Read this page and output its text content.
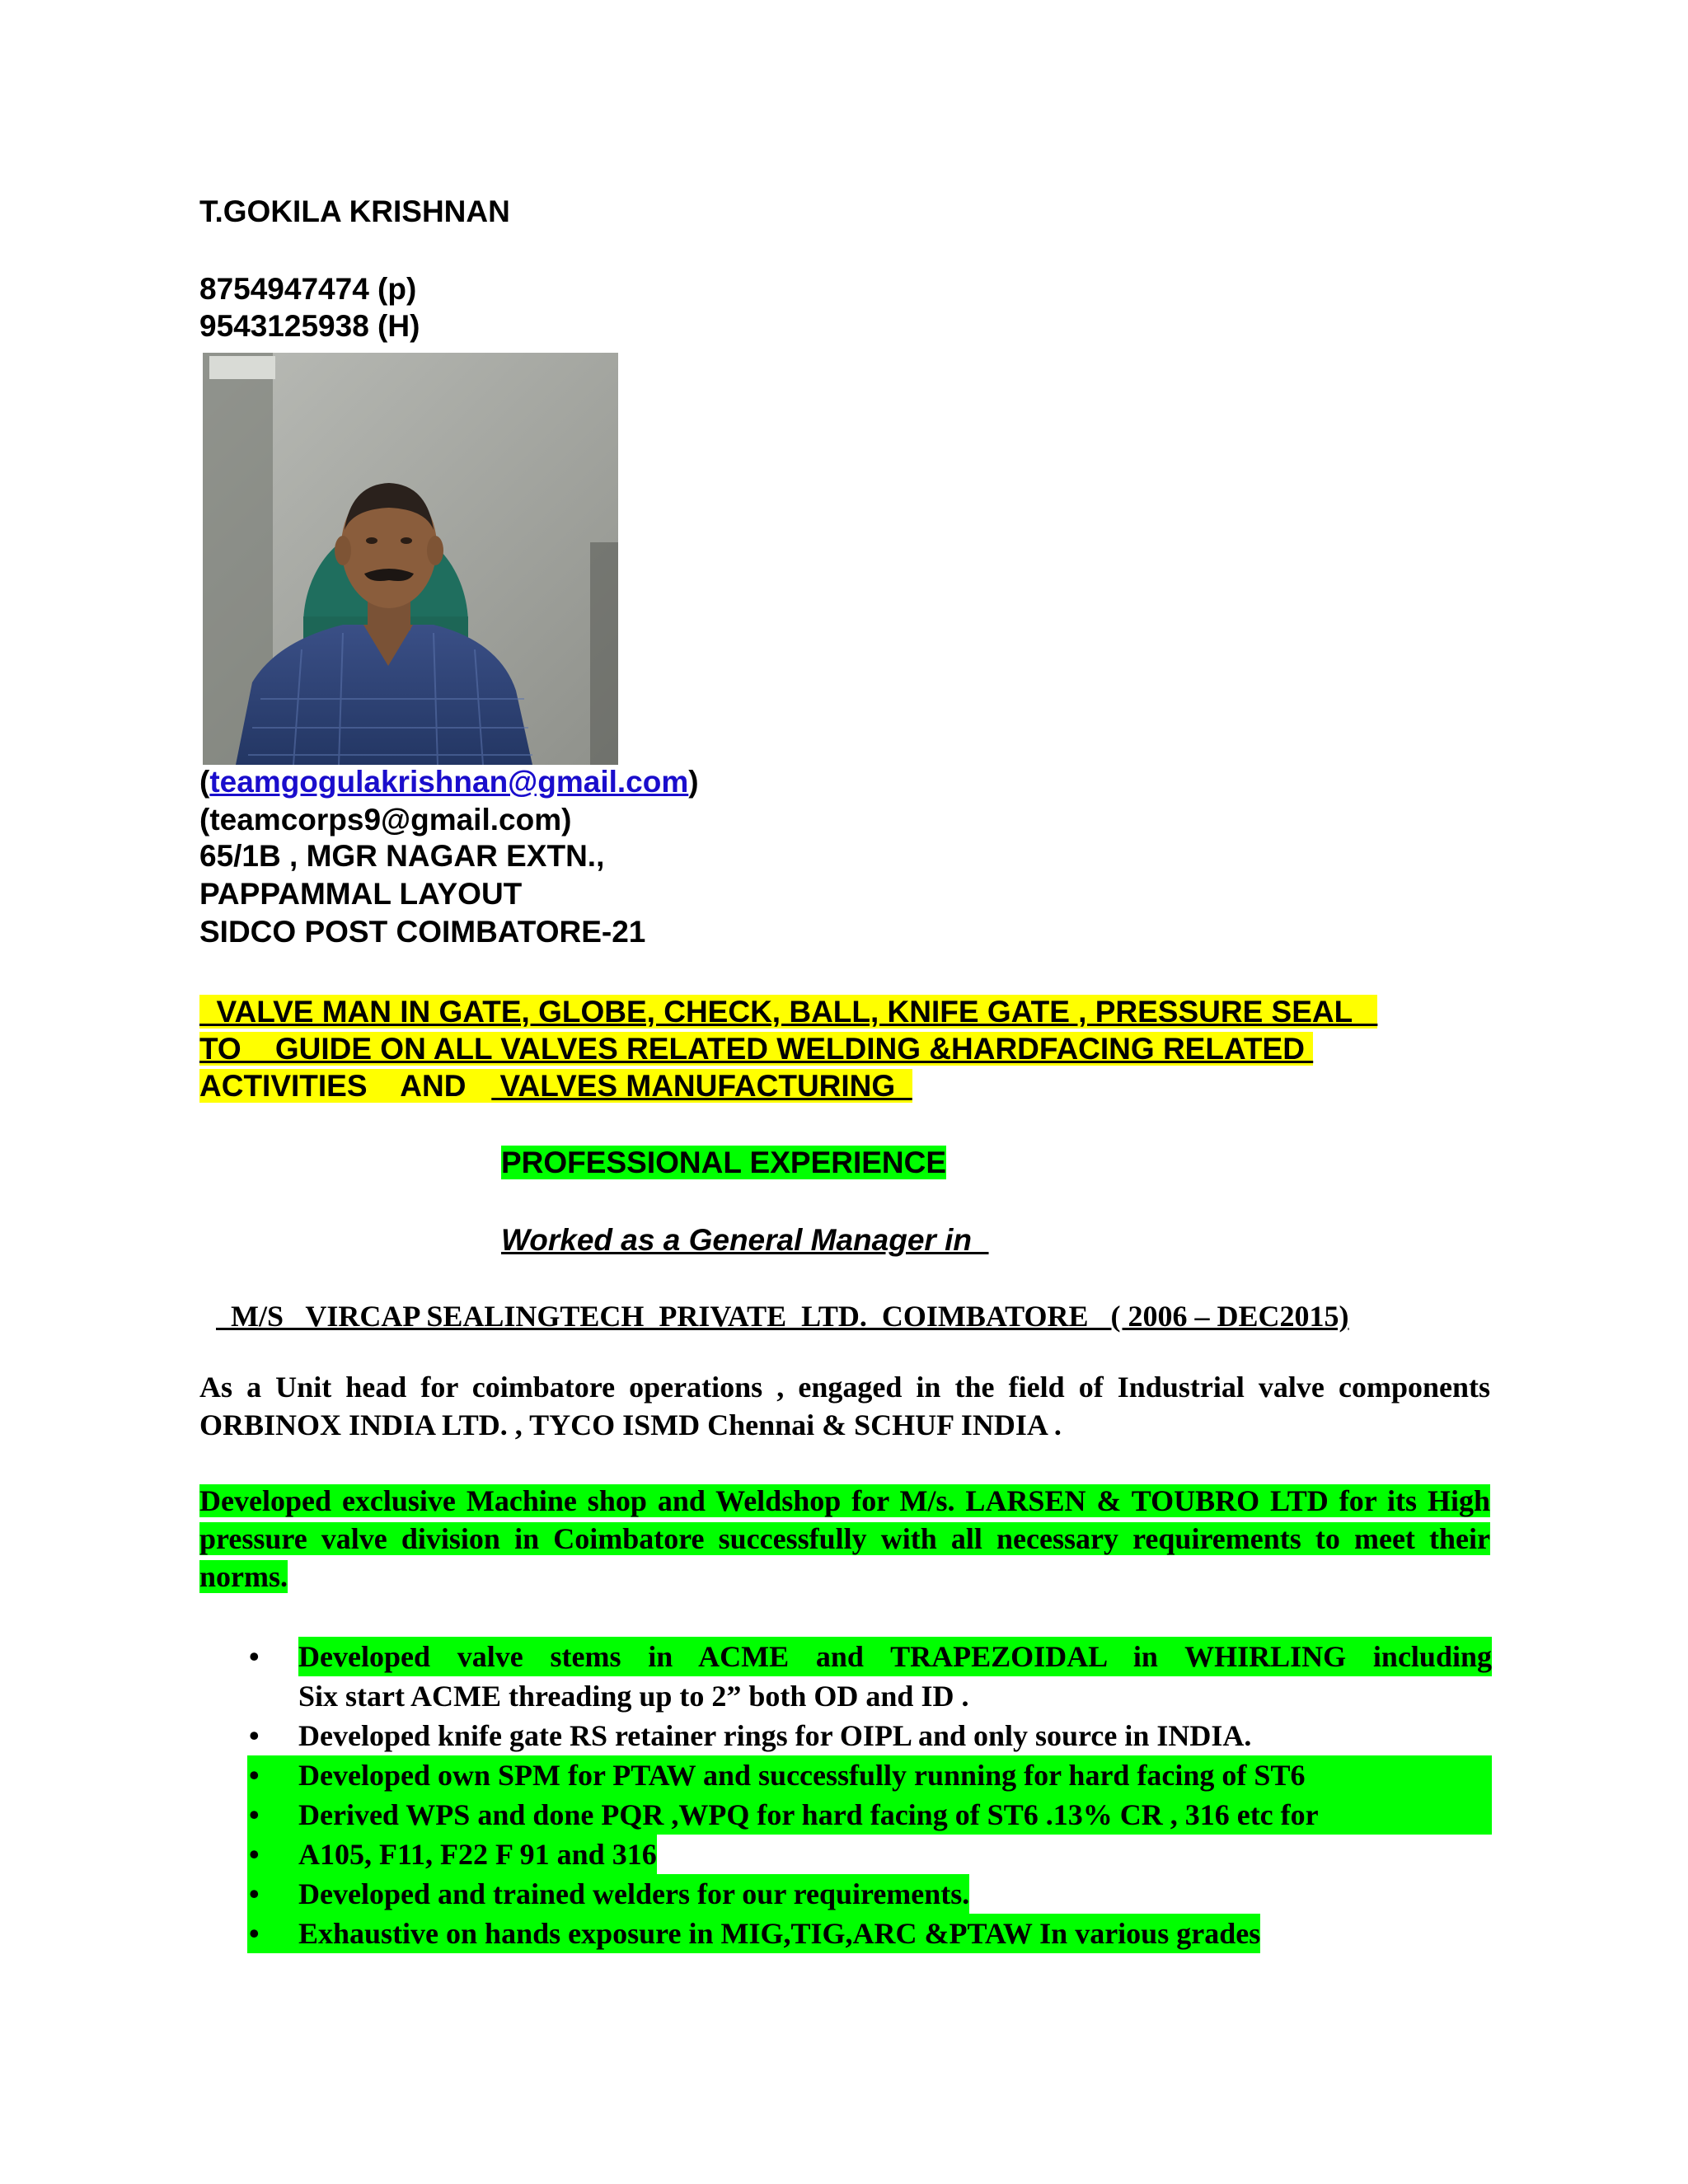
T.GOKILA KRISHNAN
8754947474 (p)
9543125938 (H)
(teamgogulakrishnan@gmail.com)
(teamcorps9@gmail.com)
65/1B , MGR NAGAR EXTN.,
PAPPAMMAL LAYOUT
SIDCO POST COIMBATORE-21
VALVE MAN IN GATE, GLOBE, CHECK, BALL, KNIFE GATE , PRESSURE SEAL
TO    GUIDE ON ALL VALVES RELATED WELDING &HARDFACING RELATED
ACTIVITIES    AND    VALVES MANUFACTURING
PROFESSIONAL EXPERIENCE
Worked as a General Manager in
M/S   VIRCAP SEALINGTECH  PRIVATE  LTD.  COIMBATORE   ( 2006 – DEC2015)
As a Unit head for coimbatore operations , engaged in the field of Industrial valve components ORBINOX INDIA LTD. , TYCO ISMD Chennai & SCHUF INDIA .
Developed exclusive Machine shop and Weldshop for M/s. LARSEN & TOUBRO LTD for its High pressure valve division in Coimbatore successfully with all necessary requirements to meet their norms.
•	Developed valve stems in ACME and TRAPEZOIDAL in WHIRLING including
Six start ACME threading up to 2” both OD and ID .
•	Developed knife gate RS retainer rings for OIPL and only source in INDIA.
•	Developed own SPM for PTAW and successfully running for hard facing of ST6
•	Derived WPS and done PQR ,WPQ for hard facing of ST6 .13% CR , 316 etc for
•	A105, F11, F22 F 91 and 316
•	Developed and trained welders for our requirements.
•	Exhaustive on hands exposure in MIG,TIG,ARC &PTAW In various grades
